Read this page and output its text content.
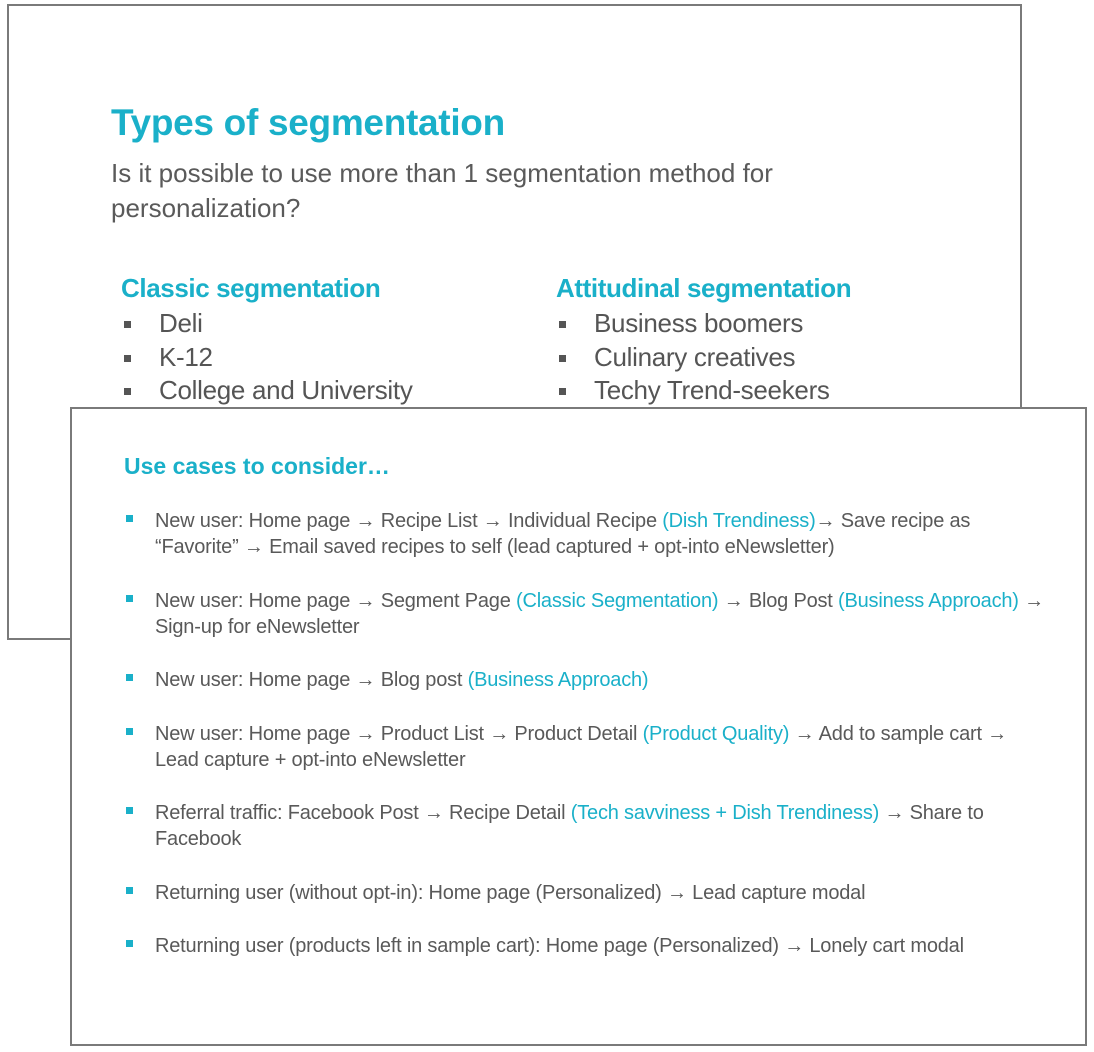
Types of segmentation

Is it possible to use more than 1 segmentation method for personalization?

Classic segmentation
Deli
K-12
College and University
Attitudinal segmentation
Business boomers
Culinary creatives
Techy Trend-seekers
Use cases to consider…
New user: Home page → Recipe List → Individual Recipe (Dish Trendiness)→ Save recipe as “Favorite” → Email saved recipes to self (lead captured + opt-into eNewsletter)
New user: Home page → Segment Page (Classic Segmentation) → Blog Post (Business Approach) → Sign-up for eNewsletter
New user: Home page → Blog post (Business Approach)
New user: Home page → Product List → Product Detail (Product Quality) → Add to sample cart → Lead capture + opt-into eNewsletter
Referral traffic: Facebook Post → Recipe Detail (Tech savviness + Dish Trendiness) → Share to Facebook
Returning user (without opt-in): Home page (Personalized) → Lead capture modal
Returning user (products left in sample cart): Home page (Personalized) → Lonely cart modal
